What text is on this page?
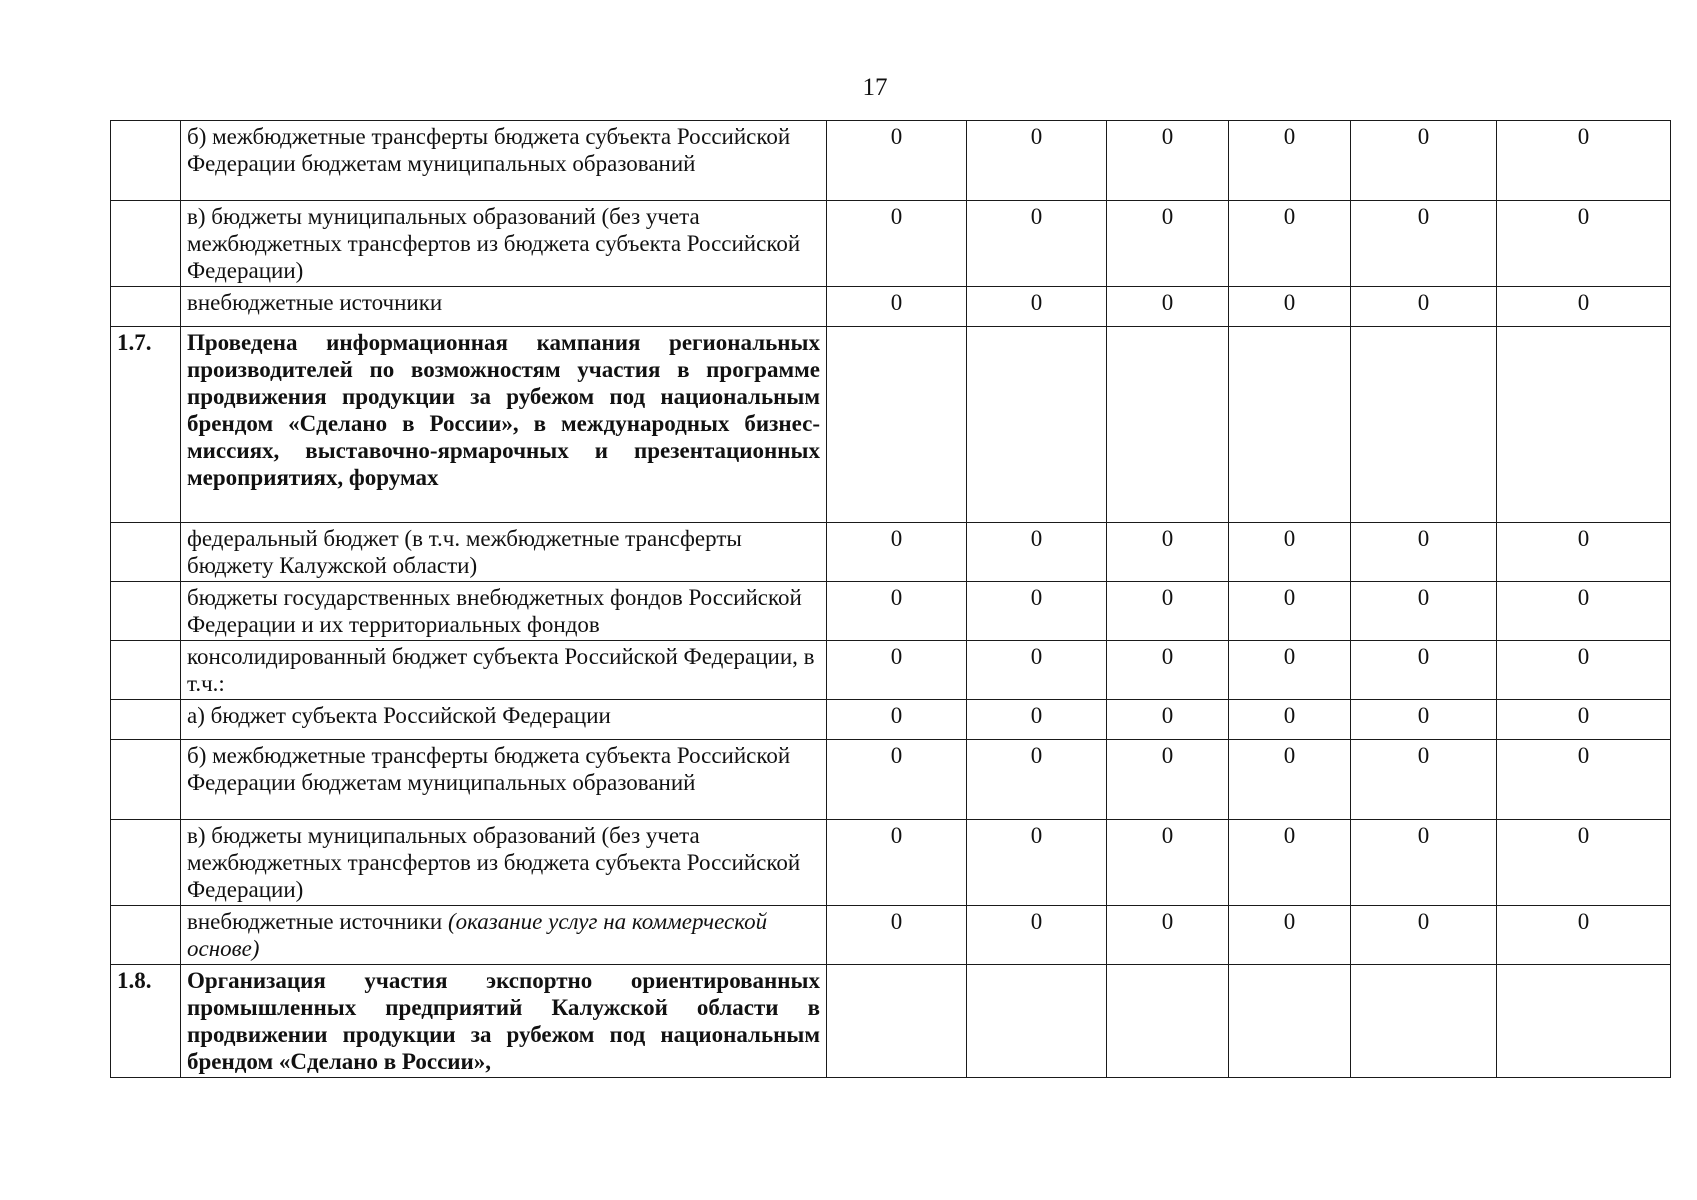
17
	б) межбюджетные трансферты бюджета субъекта Российской Федерации бюджетам муниципальных образований	0	0	0	0	0	0
	в) бюджеты муниципальных образований (без учета межбюджетных трансфертов из бюджета субъекта Российской Федерации)	0	0	0	0	0	0
	внебюджетные источники	0	0	0	0	0	0
1.7.	Проведена информационная кампания региональных производителей по возможностям участия в программе продвижения продукции за рубежом под национальным брендом «Сделано в России», в международных бизнес-миссиях, выставочно-ярмарочных и презентационных мероприятиях, форумах						
	федеральный бюджет (в т.ч. межбюджетные трансферты бюджету Калужской области)	0	0	0	0	0	0
	бюджеты государственных внебюджетных фондов Российской Федерации и их территориальных фондов	0	0	0	0	0	0
	консолидированный бюджет субъекта Российской Федерации, в т.ч.:	0	0	0	0	0	0
	а) бюджет субъекта Российской Федерации	0	0	0	0	0	0
	б) межбюджетные трансферты бюджета субъекта Российской Федерации бюджетам муниципальных образований	0	0	0	0	0	0
	в) бюджеты муниципальных образований (без учета межбюджетных трансфертов из бюджета субъекта Российской Федерации)	0	0	0	0	0	0
	внебюджетные источники (оказание услуг на коммерческой основе)	0	0	0	0	0	0
1.8.	Организация участия экспортно ориентированных промышленных предприятий Калужской области в продвижении продукции за рубежом под национальным брендом «Сделано в России»,						
